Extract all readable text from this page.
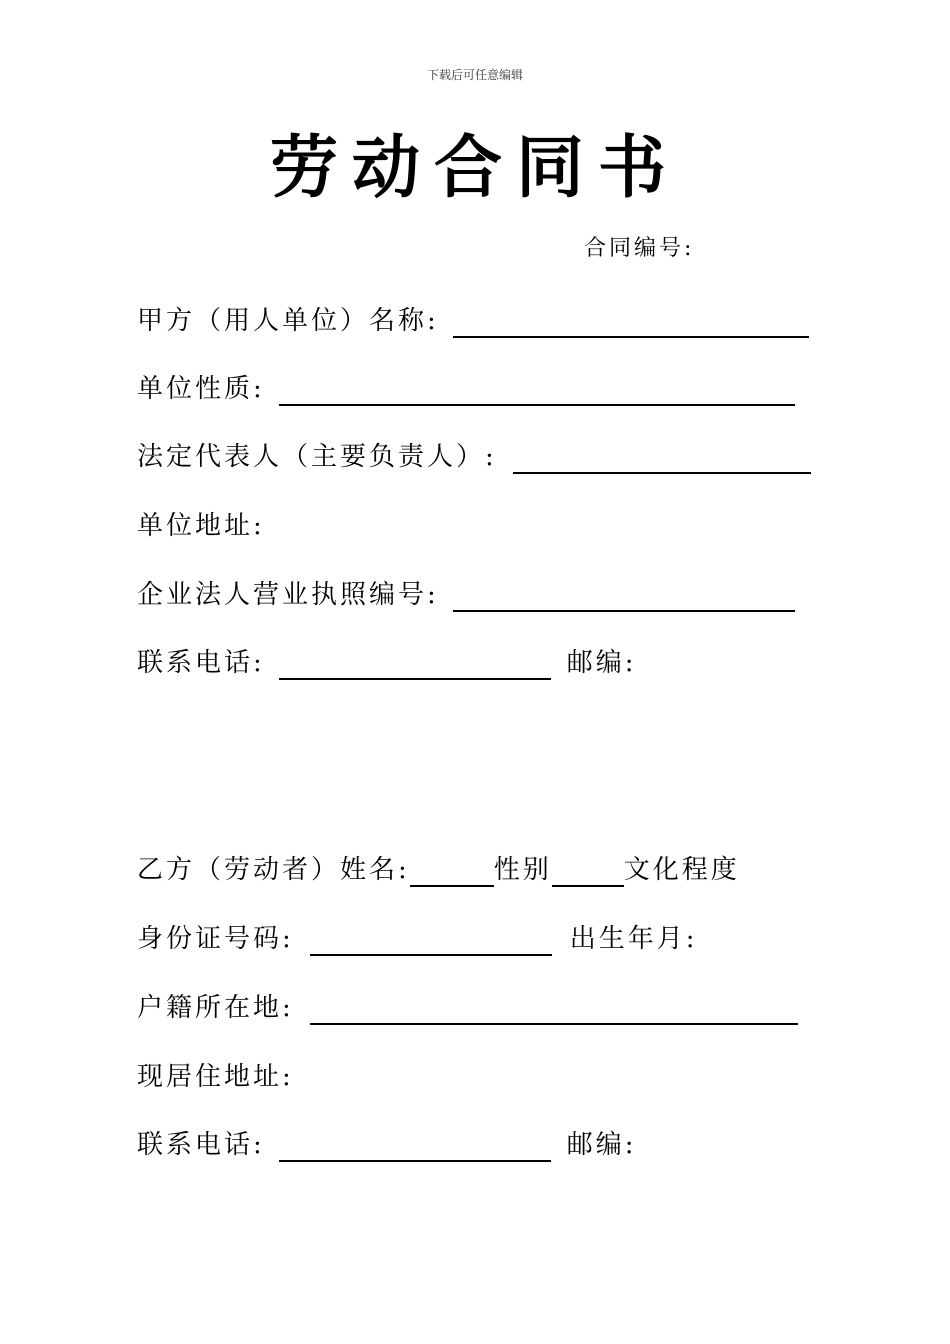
下载后可任意编辑
劳动合同书
合同编号:
甲方（用人单位）名称:
单位性质:
法定代表人（主要负责人）:
单位地址:
企业法人营业执照编号:
联系电话:	邮编:
乙方（劳动者）姓名:	性别	文化程度
身份证号码:	出生年月:
户籍所在地:
现居住地址:
联系电话:	邮编:
